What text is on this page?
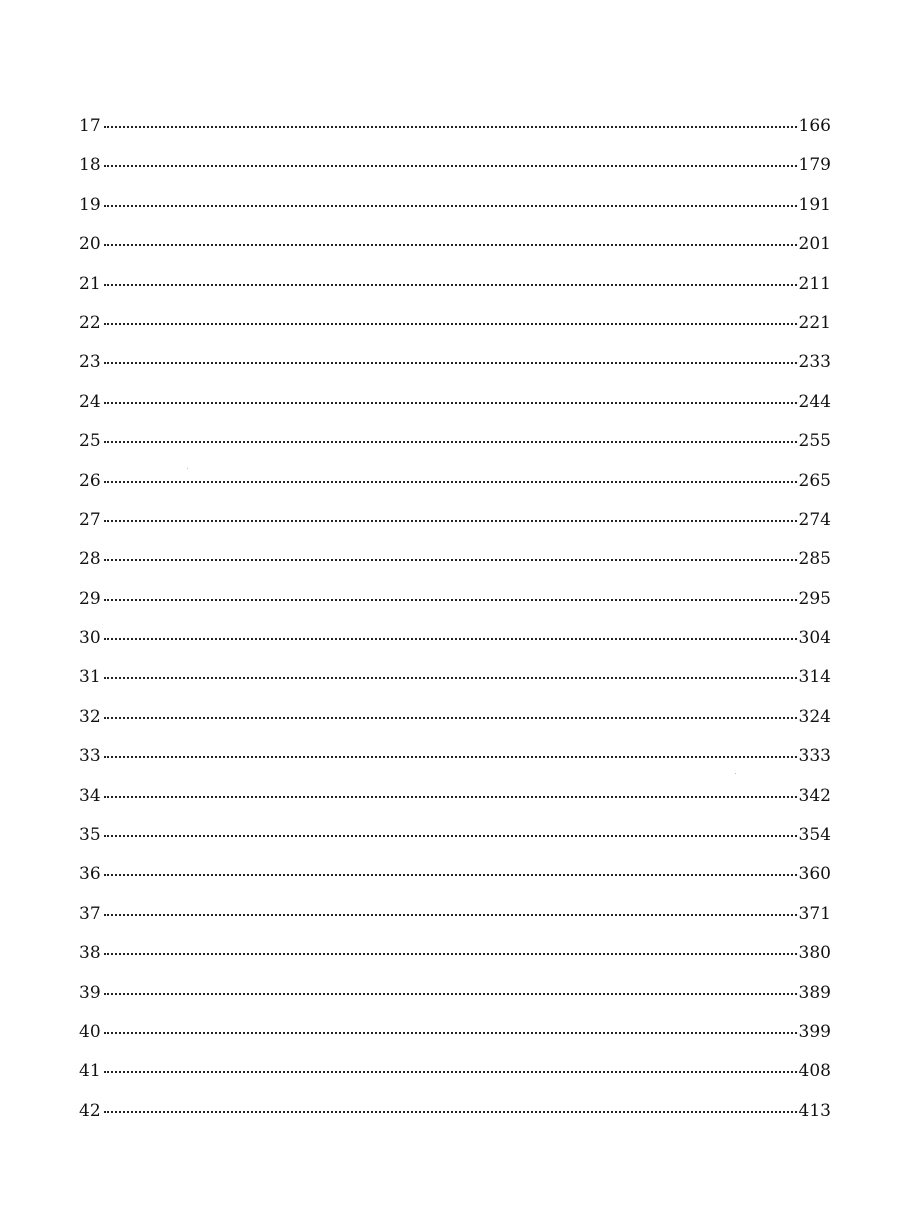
17	166
18	179
19	191
20	201
21	211
22	221
23	233
24	244
25	255
26	265
27	274
28	285
29	295
30	304
31	314
32	324
33	333
34	342
35	354
36	360
37	371
38	380
39	389
40	399
41	408
42	413
